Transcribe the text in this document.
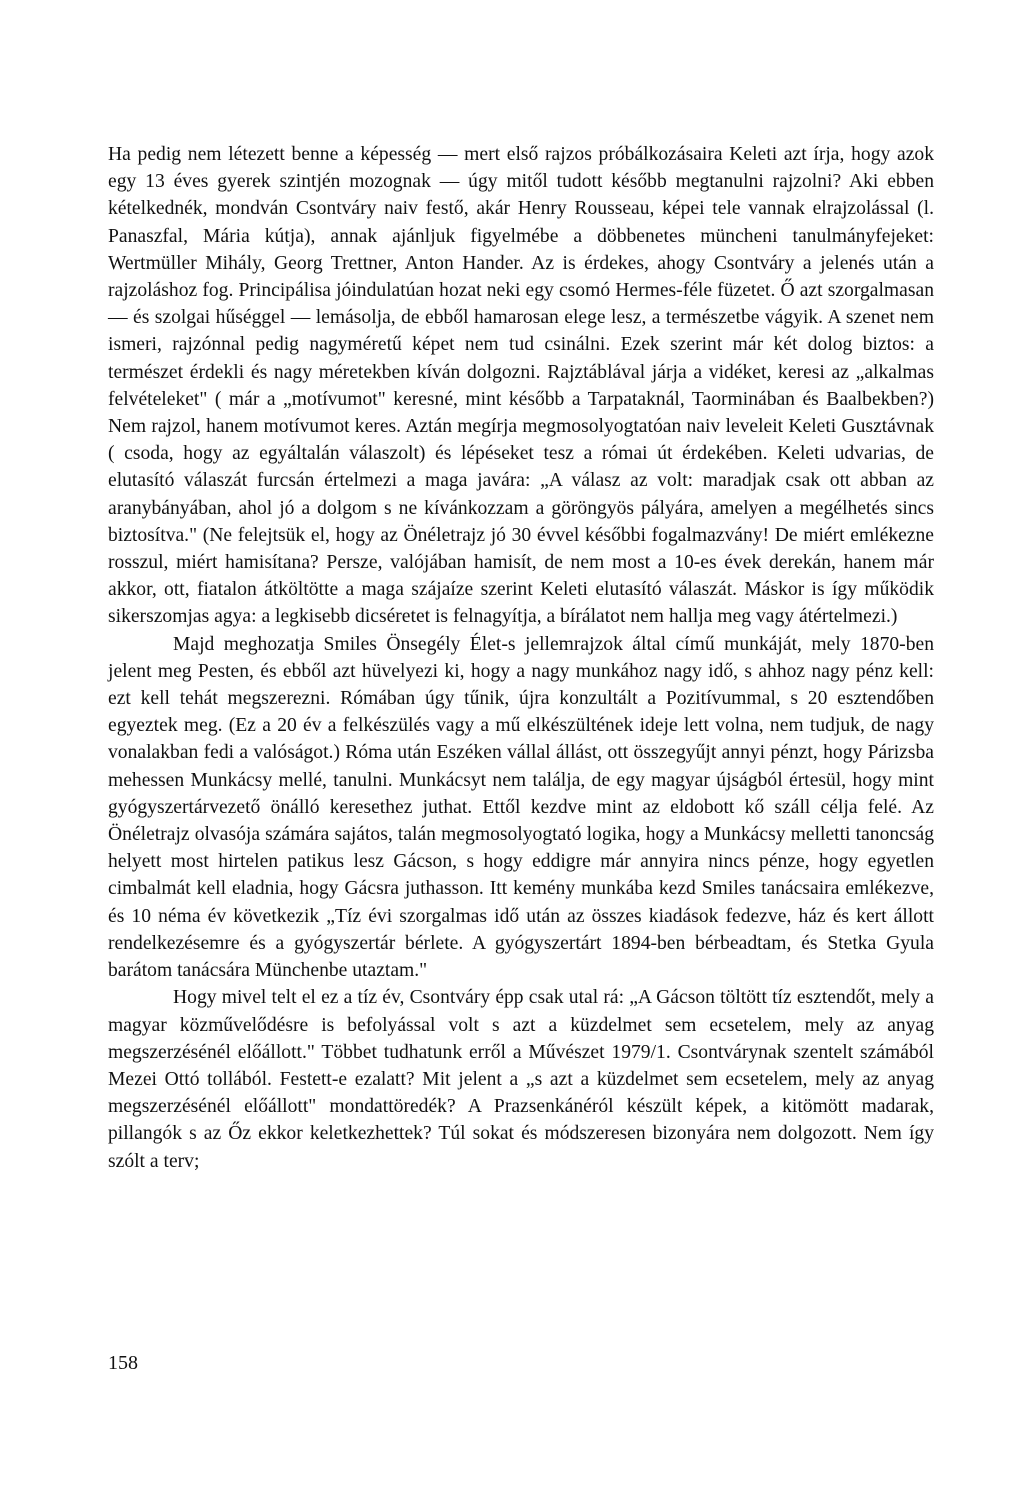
Ha pedig nem létezett benne a képesség — mert első rajzos próbálkozásaira Keleti azt írja, hogy azok egy 13 éves gyerek szintjén mozognak — úgy mitől tudott később megtanulni rajzolni? Aki ebben kételkednék, mondván Csontváry naiv festő, akár Henry Rousseau, képei tele vannak elrajzolással (l. Panaszfal, Mária kútja), annak ajánljuk figyelmébe a döbbenetes müncheni tanulmányfejeket: Wertmüller Mihály, Georg Trettner, Anton Hander. Az is érdekes, ahogy Csontváry a jelenés után a rajzoláshoz fog. Principálisa jóindulatúan hozat neki egy csomó Hermes-féle füzetet. Ő azt szorgalmasan — és szolgai hűséggel — lemásolja, de ebből hamarosan elege lesz, a természetbe vágyik. A szenet nem ismeri, rajzónnal pedig nagyméretű képet nem tud csinálni. Ezek szerint már két dolog biztos: a természet érdekli és nagy méretekben kíván dolgozni. Rajztáblával járja a vidéket, keresi az „alkalmas felvételeket" ( már a „motívumot" keresné, mint később a Tarpataknál, Taorminában és Baalbekben?) Nem rajzol, hanem motívumot keres. Aztán megírja megmosolyogtatóan naiv leveleit Keleti Gusztávnak ( csoda, hogy az egyáltalán válaszolt) és lépéseket tesz a római út érdekében. Keleti udvarias, de elutasító válaszát furcsán értelmezi a maga javára: „A válasz az volt: maradjak csak ott abban az aranybányában, ahol jó a dolgom s ne kívánkozzam a göröngyös pályára, amelyen a megélhetés sincs biztosítva." (Ne felejtsük el, hogy az Önéletrajz jó 30 évvel későbbi fogalmazvány! De miért emlékezne rosszul, miért hamisítana? Persze, valójában hamisít, de nem most a 10-es évek derekán, hanem már akkor, ott, fiatalon átköltötte a maga szájaíze szerint Keleti elutasító válaszát. Máskor is így működik sikerszomjas agya: a legkisebb dicséretet is felnagyítja, a bírálatot nem hallja meg vagy átértelmezi.)

Majd meghozatja Smiles Önsegély Élet-s jellemrajzok által című munkáját, mely 1870-ben jelent meg Pesten, és ebből azt hüvelyezi ki, hogy a nagy munkához nagy idő, s ahhoz nagy pénz kell: ezt kell tehát megszerezni. Rómában úgy tűnik, újra konzultált a Pozitívummal, s 20 esztendőben egyeztek meg. (Ez a 20 év a felkészülés vagy a mű elkészültének ideje lett volna, nem tudjuk, de nagy vonalakban fedi a valóságot.) Róma után Eszéken vállal állást, ott összegyűjt annyi pénzt, hogy Párizsba mehessen Munkácsy mellé, tanulni. Munkácsyt nem találja, de egy magyar újságból értesül, hogy mint gyógyszertárvezető önálló keresethez juthat. Ettől kezdve mint az eldobott kő száll célja felé. Az Önéletrajz olvasója számára sajátos, talán megmosolyogtató logika, hogy a Munkácsy melletti tanoncság helyett most hirtelen patikus lesz Gácson, s hogy eddigre már annyira nincs pénze, hogy egyetlen cimbalmát kell eladnia, hogy Gácsra juthasson. Itt kemény munkába kezd Smiles tanácsaira emlékezve, és 10 néma év következik „Tíz évi szorgalmas idő után az összes kiadások fedezve, ház és kert állott rendelkezésemre és a gyógyszertár bérlete. A gyógyszertárt 1894-ben bérbeadtam, és Stetka Gyula barátom tanácsára Münchenbe utaztam."

Hogy mivel telt el ez a tíz év, Csontváry épp csak utal rá: „A Gácson töltött tíz esztendőt, mely a magyar közművelődésre is befolyással volt s azt a küzdelmet sem ecsetelem, mely az anyag megszerzésénél előállott." Többet tudhatunk erről a Művészet 1979/1. Csontvárynak szentelt számából Mezei Ottó tollából. Festett-e ezalatt? Mit jelent a „s azt a küzdelmet sem ecsetelem, mely az anyag megszerzésénél előállott" mondattöredék? A Prazsenkánéról készült képek, a kitömött madarak, pillangók s az Őz ekkor keletkezhettek? Túl sokat és módszeresen bizonyára nem dolgozott. Nem így szólt a terv;

158
